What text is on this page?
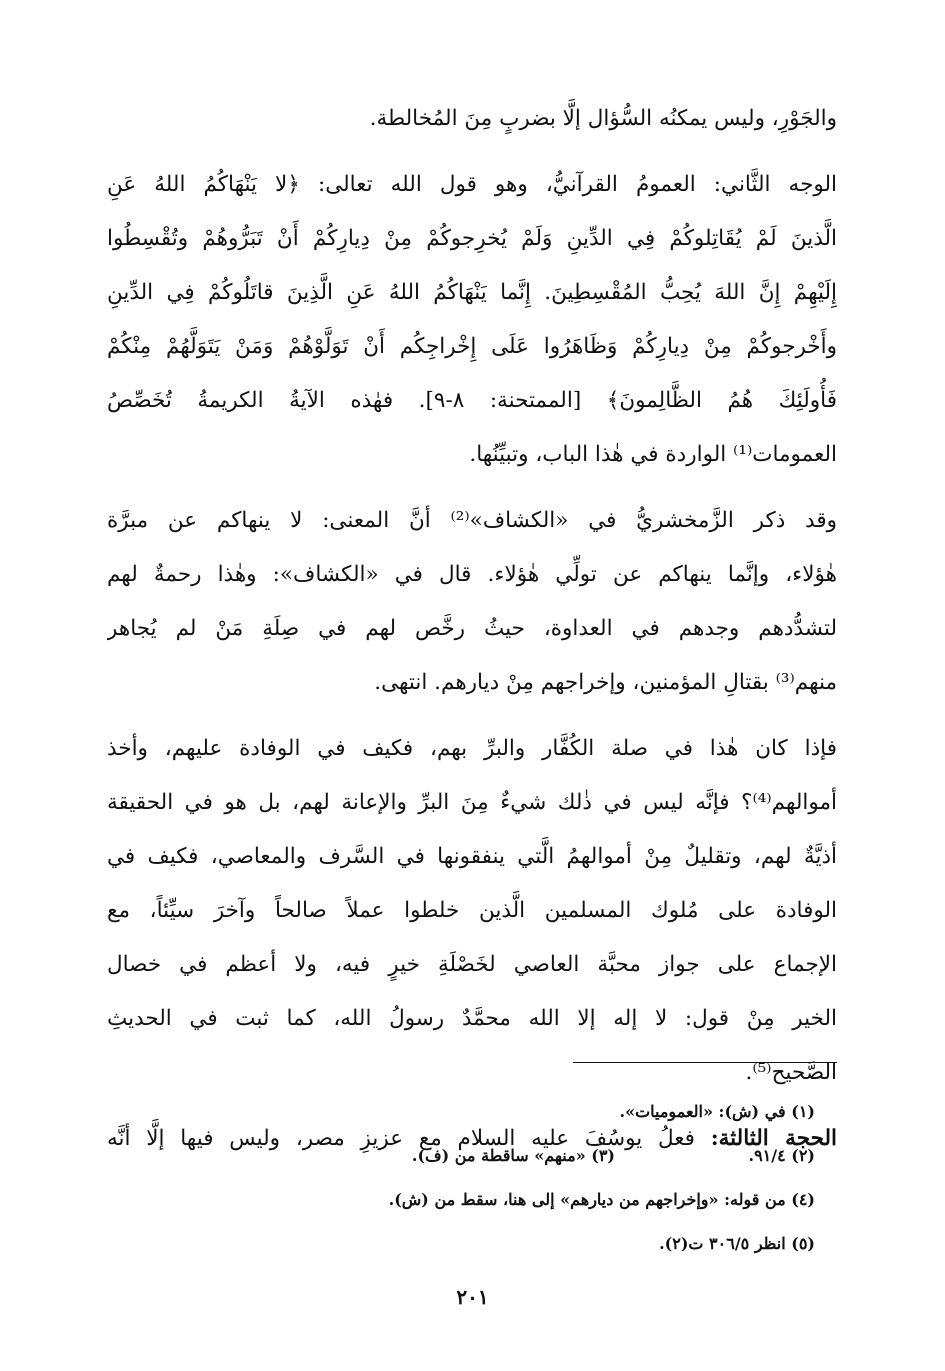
والجَوْرِ، وليس يمكنُه السُّؤال إلَّا بضربٍ مِنَ المُخالطة.
الوجه الثَّاني: العمومُ القرآنيُّ، وهو قول الله تعالى: ﴿لا يَنْهَاكُمُ اللهُ عَنِ
الَّذينَ لَمْ يُقَاتِلوكُمْ فِي الدِّينِ وَلَمْ يُخرِجوكُمْ مِنْ دِيارِكُمْ أَنْ تَبَرُّوهُمْ وتُقْسِطُوا
إِلَيْهِمْ إِنَّ اللهَ يُحِبُّ المُقْسِطِينَ. إِنَّما يَنْهَاكُمُ اللهُ عَنِ الَّذِينَ قاتَلُوكُمْ فِي الدِّينِ
وأَخْرجوكُمْ مِنْ دِيارِكُمْ وَظَاهَرُوا عَلَى إِخْراجِكُم أَنْ تَوَلَّوْهُمْ وَمَنْ يَتَوَلَّهُمْ مِنْكُمْ
فَأُولَئِكَ هُمُ الظَّالِمونَ﴾ [الممتحنة: ٨-٩]. فهٰذه الآيةُ الكريمةُ تُخَصِّصُ
العمومات⁽¹⁾ الواردة في هٰذا الباب، وتبيِّنُها.
وقد ذكر الزَّمخشريُّ في «الكشاف»⁽²⁾ أنَّ المعنى: لا ينهاكم عن مبرَّة
هٰؤلاء، وإنَّما ينهاكم عن تولِّي هٰؤلاء. قال في «الكشاف»: وهٰذا رحمةٌ لهم
لتشدُّدهم وجدهم في العداوة، حيثُ رخَّص لهم في صِلَةِ مَنْ لم يُجاهر
منهم⁽³⁾ بقتالِ المؤمنين، وإخراجهم مِنْ ديارهم. انتهى.
فإذا كان هٰذا في صلة الكُفَّار والبرِّ بهم، فكيف في الوفادة عليهم، وأخذ
أموالهم⁽⁴⁾؟ فإنَّه ليس في ذٰلك شيءٌ مِنَ البرِّ والإعانة لهم، بل هو في الحقيقة
أذيَّةٌ لهم، وتقليلٌ مِنْ أموالهمُ الَّتي ينفقونها في السَّرف والمعاصي، فكيف في
الوفادة على مُلوك المسلمين الَّذين خلطوا عملاً صالحاً وآخرَ سيِّئاً، مع
الإجماع على جواز محبَّة العاصي لخَصْلَةِ خيرٍ فيه، ولا أعظم في خصال
الخير مِنْ قول: لا إله إلا الله محمَّدٌ رسولُ الله، كما ثبت في الحديثِ
الصَّحيح⁽⁵⁾.
الحجة الثالثة: فعلُ يوسُفَ عليه السلام مع عزيزِ مصر، وليس فيها إلَّا أنَّه
(١) في (ش): «العموميات».
(٢) ٩١/٤.
(٣) «منهم» ساقطة من (ف).
(٤) من قوله: «وإخراجهم من ديارهم» إلى هنا، سقط من (ش).
(٥) انظر ٣٠٦/٥ ت(٢).
٢٠١
